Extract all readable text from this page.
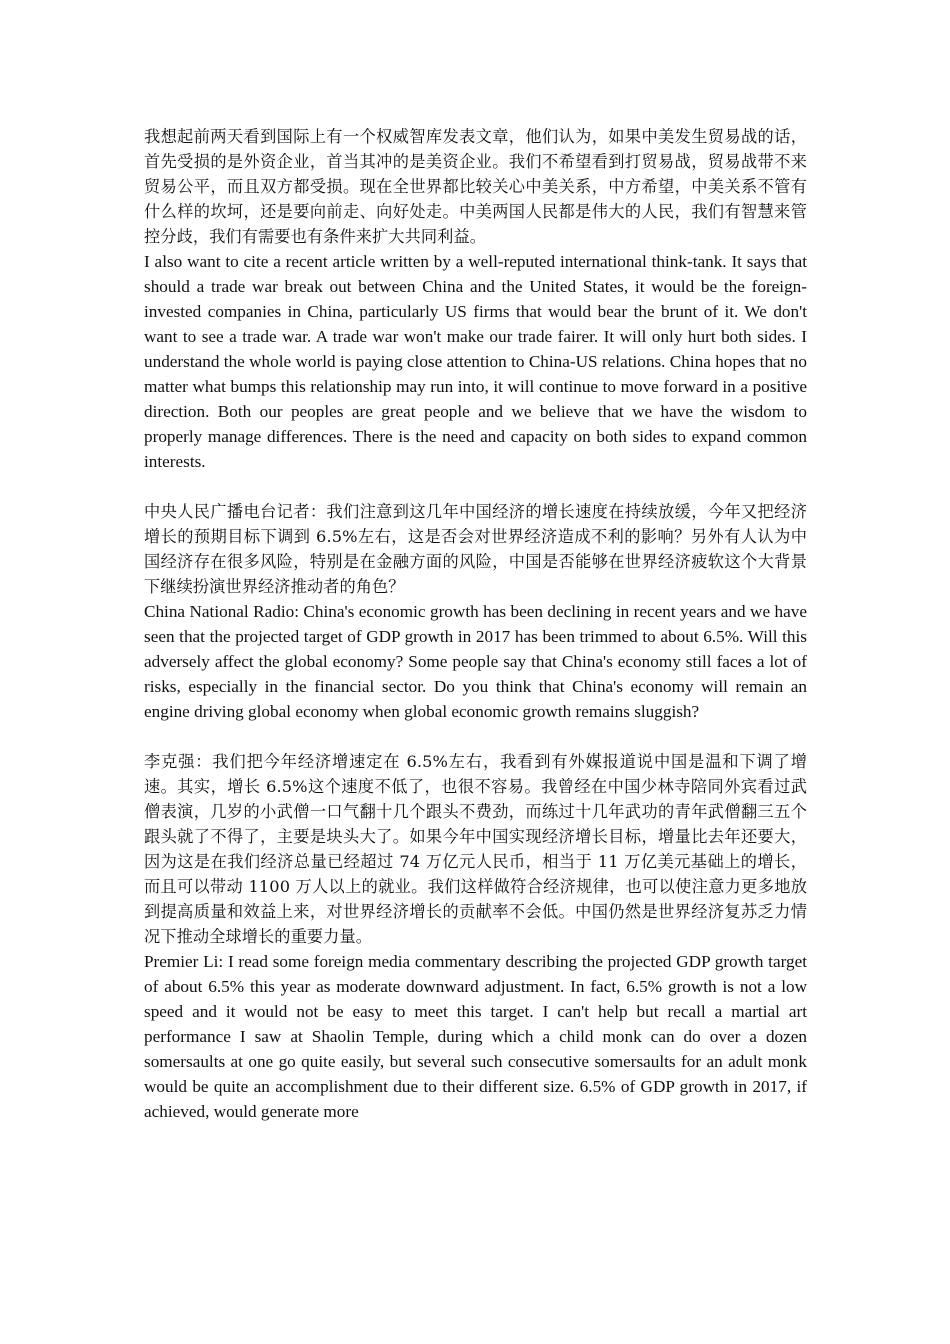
我想起前两天看到国际上有一个权威智库发表文章，他们认为，如果中美发生贸易战的话，首先受损的是外资企业，首当其冲的是美资企业。我们不希望看到打贸易战，贸易战带不来贸易公平，而且双方都受损。现在全世界都比较关心中美关系，中方希望，中美关系不管有什么样的坎坷，还是要向前走、向好处走。中美两国人民都是伟大的人民，我们有智慧来管控分歧，我们有需要也有条件来扩大共同利益。

I also want to cite a recent article written by a well-reputed international think-tank. It says that should a trade war break out between China and the United States, it would be the foreign-invested companies in China, particularly US firms that would bear the brunt of it. We don't want to see a trade war. A trade war won't make our trade fairer. It will only hurt both sides. I understand the whole world is paying close attention to China-US relations. China hopes that no matter what bumps this relationship may run into, it will continue to move forward in a positive direction. Both our peoples are great people and we believe that we have the wisdom to properly manage differences. There is the need and capacity on both sides to expand common interests.

中央人民广播电台记者：我们注意到这几年中国经济的增长速度在持续放缓，今年又把经济增长的预期目标下调到 6.5%左右，这是否会对世界经济造成不利的影响？另外有人认为中国经济存在很多风险，特别是在金融方面的风险，中国是否能够在世界经济疲软这个大背景下继续扮演世界经济推动者的角色？

China National Radio: China's economic growth has been declining in recent years and we have seen that the projected target of GDP growth in 2017 has been trimmed to about 6.5%. Will this adversely affect the global economy? Some people say that China's economy still faces a lot of risks, especially in the financial sector. Do you think that China's economy will remain an engine driving global economy when global economic growth remains sluggish?

李克强：我们把今年经济增速定在 6.5%左右，我看到有外媒报道说中国是温和下调了增速。其实，增长 6.5%这个速度不低了，也很不容易。我曾经在中国少林寺陪同外宾看过武僧表演，几岁的小武僧一口气翻十几个跟头不费劲，而练过十几年武功的青年武僧翻三五个跟头就了不得了，主要是块头大了。如果今年中国实现经济增长目标，增量比去年还要大，因为这是在我们经济总量已经超过 74 万亿元人民币，相当于 11 万亿美元基础上的增长，而且可以带动 1100 万人以上的就业。我们这样做符合经济规律，也可以使注意力更多地放到提高质量和效益上来，对世界经济增长的贡献率不会低。中国仍然是世界经济复苏乏力情况下推动全球增长的重要力量。

Premier Li: I read some foreign media commentary describing the projected GDP growth target of about 6.5% this year as moderate downward adjustment. In fact, 6.5% growth is not a low speed and it would not be easy to meet this target. I can't help but recall a martial art performance I saw at Shaolin Temple, during which a child monk can do over a dozen somersaults at one go quite easily, but several such consecutive somersaults for an adult monk would be quite an accomplishment due to their different size. 6.5% of GDP growth in 2017, if achieved, would generate more
